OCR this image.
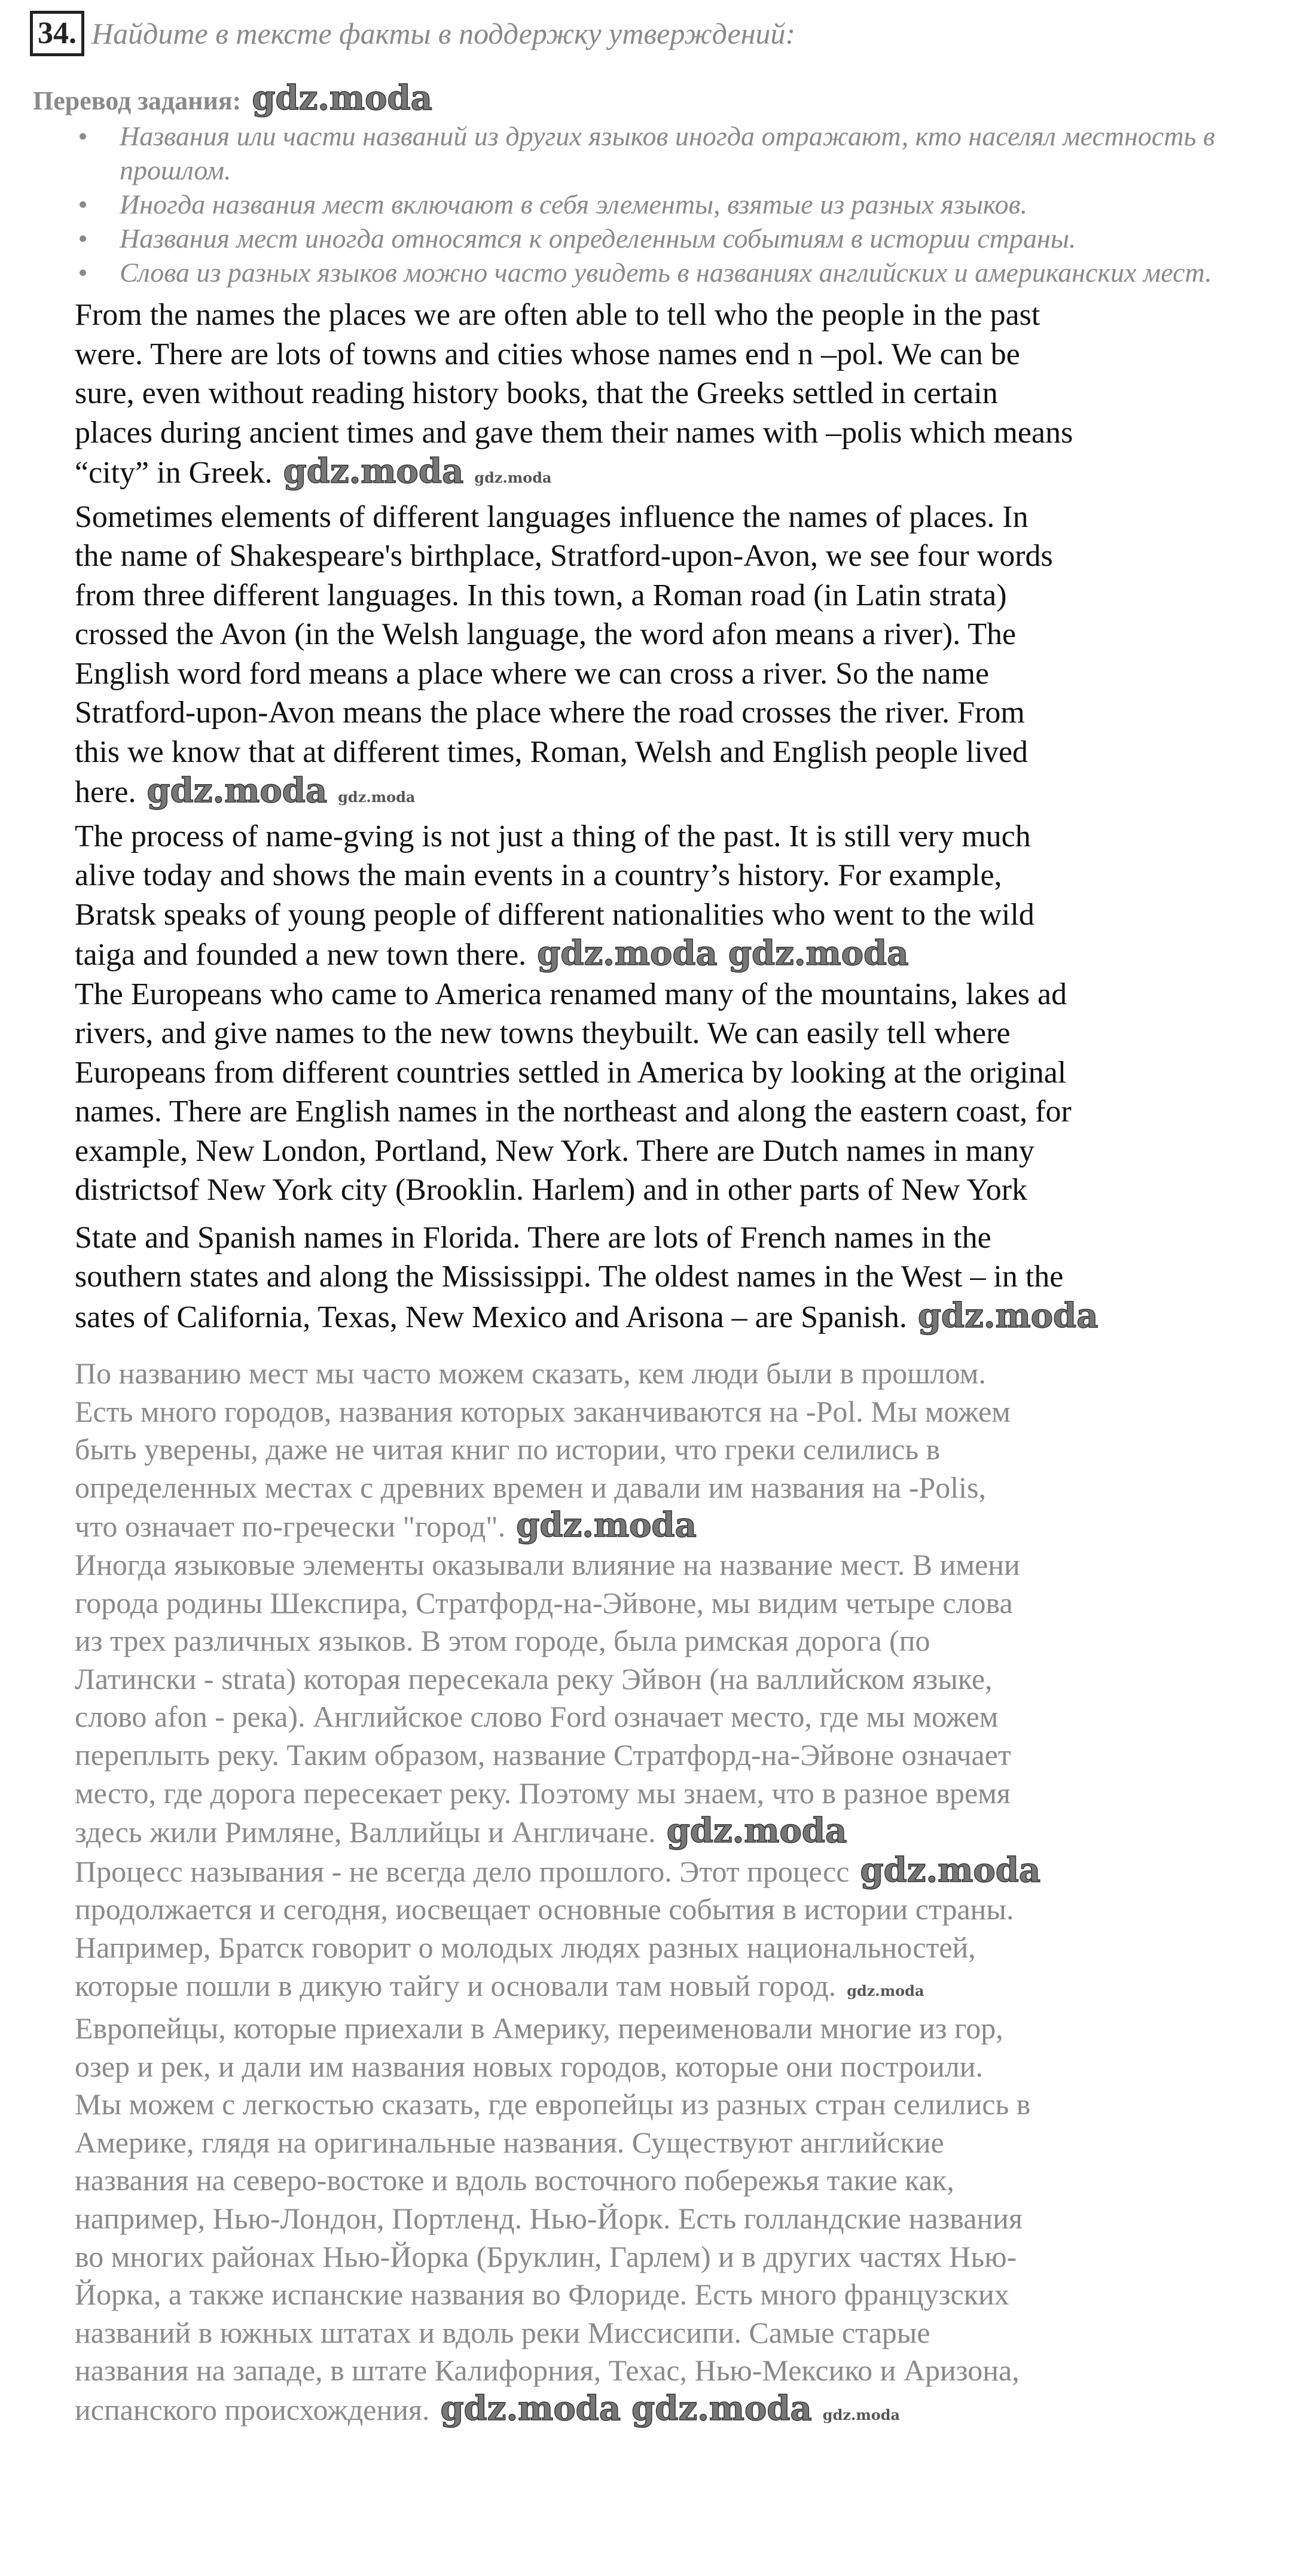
34. Найдите в тексте факты в поддержку утверждений:
Перевод задания: gdz.moda
• Названия или части названий из других языков иногда отражают, кто населял местность в прошлом.
• Иногда названия мест включают в себя элементы, взятые из разных языков.
• Названия мест иногда относятся к определенным событиям в истории страны.
• Слова из разных языков можно часто увидеть в названиях английских и американских мест.
From the names the places we are often able to tell who the people in the past
were. There are lots of towns and cities whose names end n –pol. We can be
sure, even without reading history books, that the Greeks settled in certain
places during ancient times and gave them their names with –polis which means
“city” in Greek. gdz.moda gdz.moda
Sometimes elements of different languages influence the names of places. In
the name of Shakespeare's birthplace, Stratford-upon-Avon, we see four words
from three different languages. In this town, a Roman road (in Latin strata)
crossed the Avon (in the Welsh language, the word afon means a river). The
English word ford means a place where we can cross a river. So the name
Stratford-upon-Avon means the place where the road crosses the river. From
this we know that at different times, Roman, Welsh and English people lived
here. gdz.moda gdz.moda
The process of name-gving is not just a thing of the past. It is still very much
alive today and shows the main events in a country’s history. For example,
Bratsk speaks of young people of different nationalities who went to the wild
taiga and founded a new town there. gdz.moda gdz.moda
The Europeans who came to America renamed many of the mountains, lakes ad
rivers, and give names to the new towns theybuilt. We can easily tell where
Europeans from different countries settled in America by looking at the original
names. There are English names in the northeast and along the eastern coast, for
example, New London, Portland, New York. There are Dutch names in many
districtsof New York city (Brooklin. Harlem) and in other parts of New York
State and Spanish names in Florida. There are lots of French names in the
southern states and along the Mississippi. The oldest names in the West – in the
sates of California, Texas, New Mexico and Arisona – are Spanish. gdz.moda
По названию мест мы часто можем сказать, кем люди были в прошлом.
Есть много городов, названия которых заканчиваются на -Pol. Мы можем
быть уверены, даже не читая книг по истории, что греки селились в
определенных местах с древних времен и давали им названия на -Polis,
что означает по-гречески "город". gdz.moda
Иногда языковые элементы оказывали влияние на название мест. В имени
города родины Шекспира, Стратфорд-на-Эйвоне, мы видим четыре слова
из трех различных языков. В этом городе, была римская дорога (по
Латински - strata) которая пересекала реку Эйвон (на валлийском языке,
слово afon - река). Английское слово Ford означает место, где мы можем
переплыть реку. Таким образом, название Стратфорд-на-Эйвоне означает
место, где дорога пересекает реку. Поэтому мы знаем, что в разное время
здесь жили Римляне, Валлийцы и Англичане. gdz.moda
Процесс называния - не всегда дело прошлого. Этот процесс gdz.moda
продолжается и сегодня, иосвещает основные события в истории страны.
Например, Братск говорит о молодых людях разных национальностей,
которые пошли в дикую тайгу и основали там новый город. gdz.moda
Европейцы, которые приехали в Америку, переименовали многие из гор,
озер и рек, и дали им названия новых городов, которые они построили.
Мы можем с легкостью сказать, где европейцы из разных стран селились в
Америке, глядя на оригинальные названия. Существуют английские
названия на северо-востоке и вдоль восточного побережья такие как,
например, Нью-Лондон, Портленд. Нью-Йорк. Есть голландские названия
во многих районах Нью-Йорка (Бруклин, Гарлем) и в других частях Нью-
Йорка, а также испанские названия во Флориде. Есть много французских
названий в южных штатах и вдоль реки Миссисипи. Самые старые
названия на западе, в штате Калифорния, Техас, Нью-Мексико и Аризона,
испанского происхождения. gdz.moda gdz.moda gdz.moda
